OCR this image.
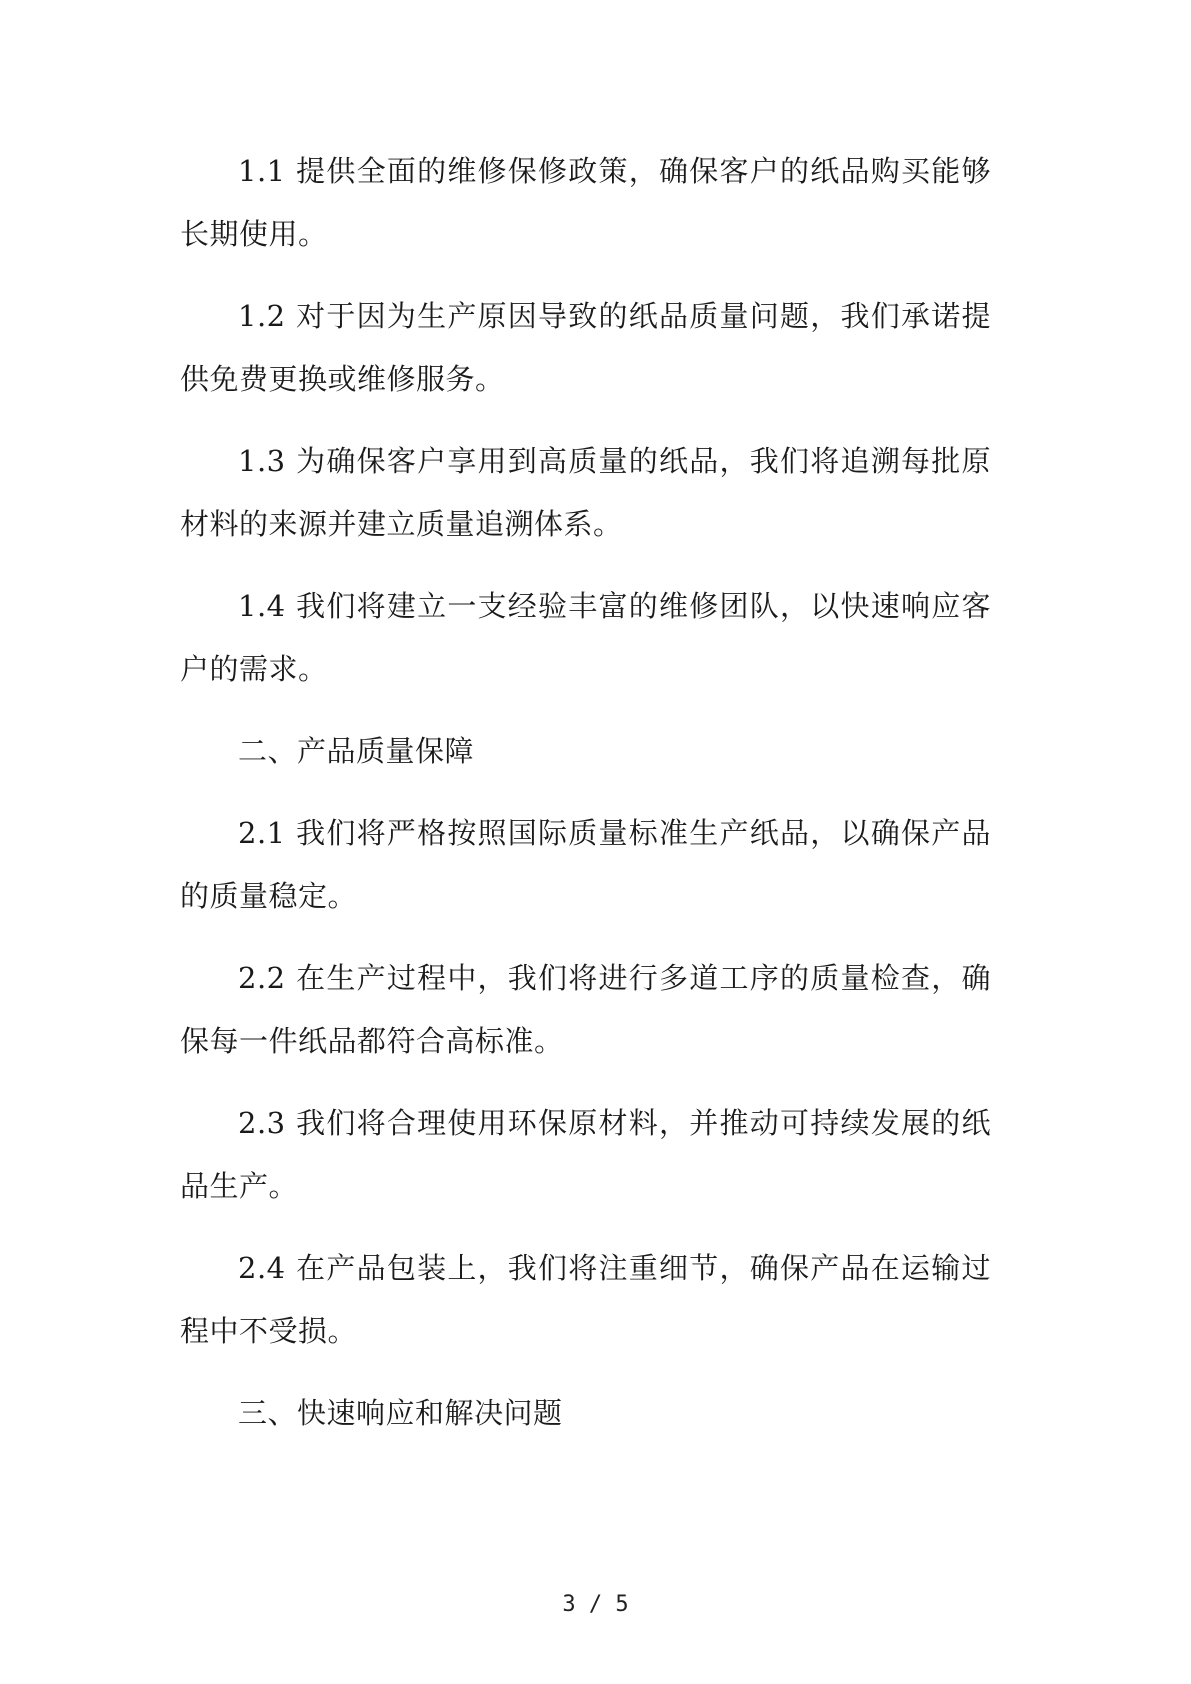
1.1 提供全面的维修保修政策，确保客户的纸品购买能够长期使用。

1.2 对于因为生产原因导致的纸品质量问题，我们承诺提供免费更换或维修服务。

1.3 为确保客户享用到高质量的纸品，我们将追溯每批原材料的来源并建立质量追溯体系。

1.4 我们将建立一支经验丰富的维修团队，以快速响应客户的需求。

二、产品质量保障

2.1 我们将严格按照国际质量标准生产纸品，以确保产品的质量稳定。

2.2 在生产过程中，我们将进行多道工序的质量检查，确保每一件纸品都符合高标准。

2.3 我们将合理使用环保原材料，并推动可持续发展的纸品生产。

2.4 在产品包装上，我们将注重细节，确保产品在运输过程中不受损。

三、快速响应和解决问题

3 / 5
